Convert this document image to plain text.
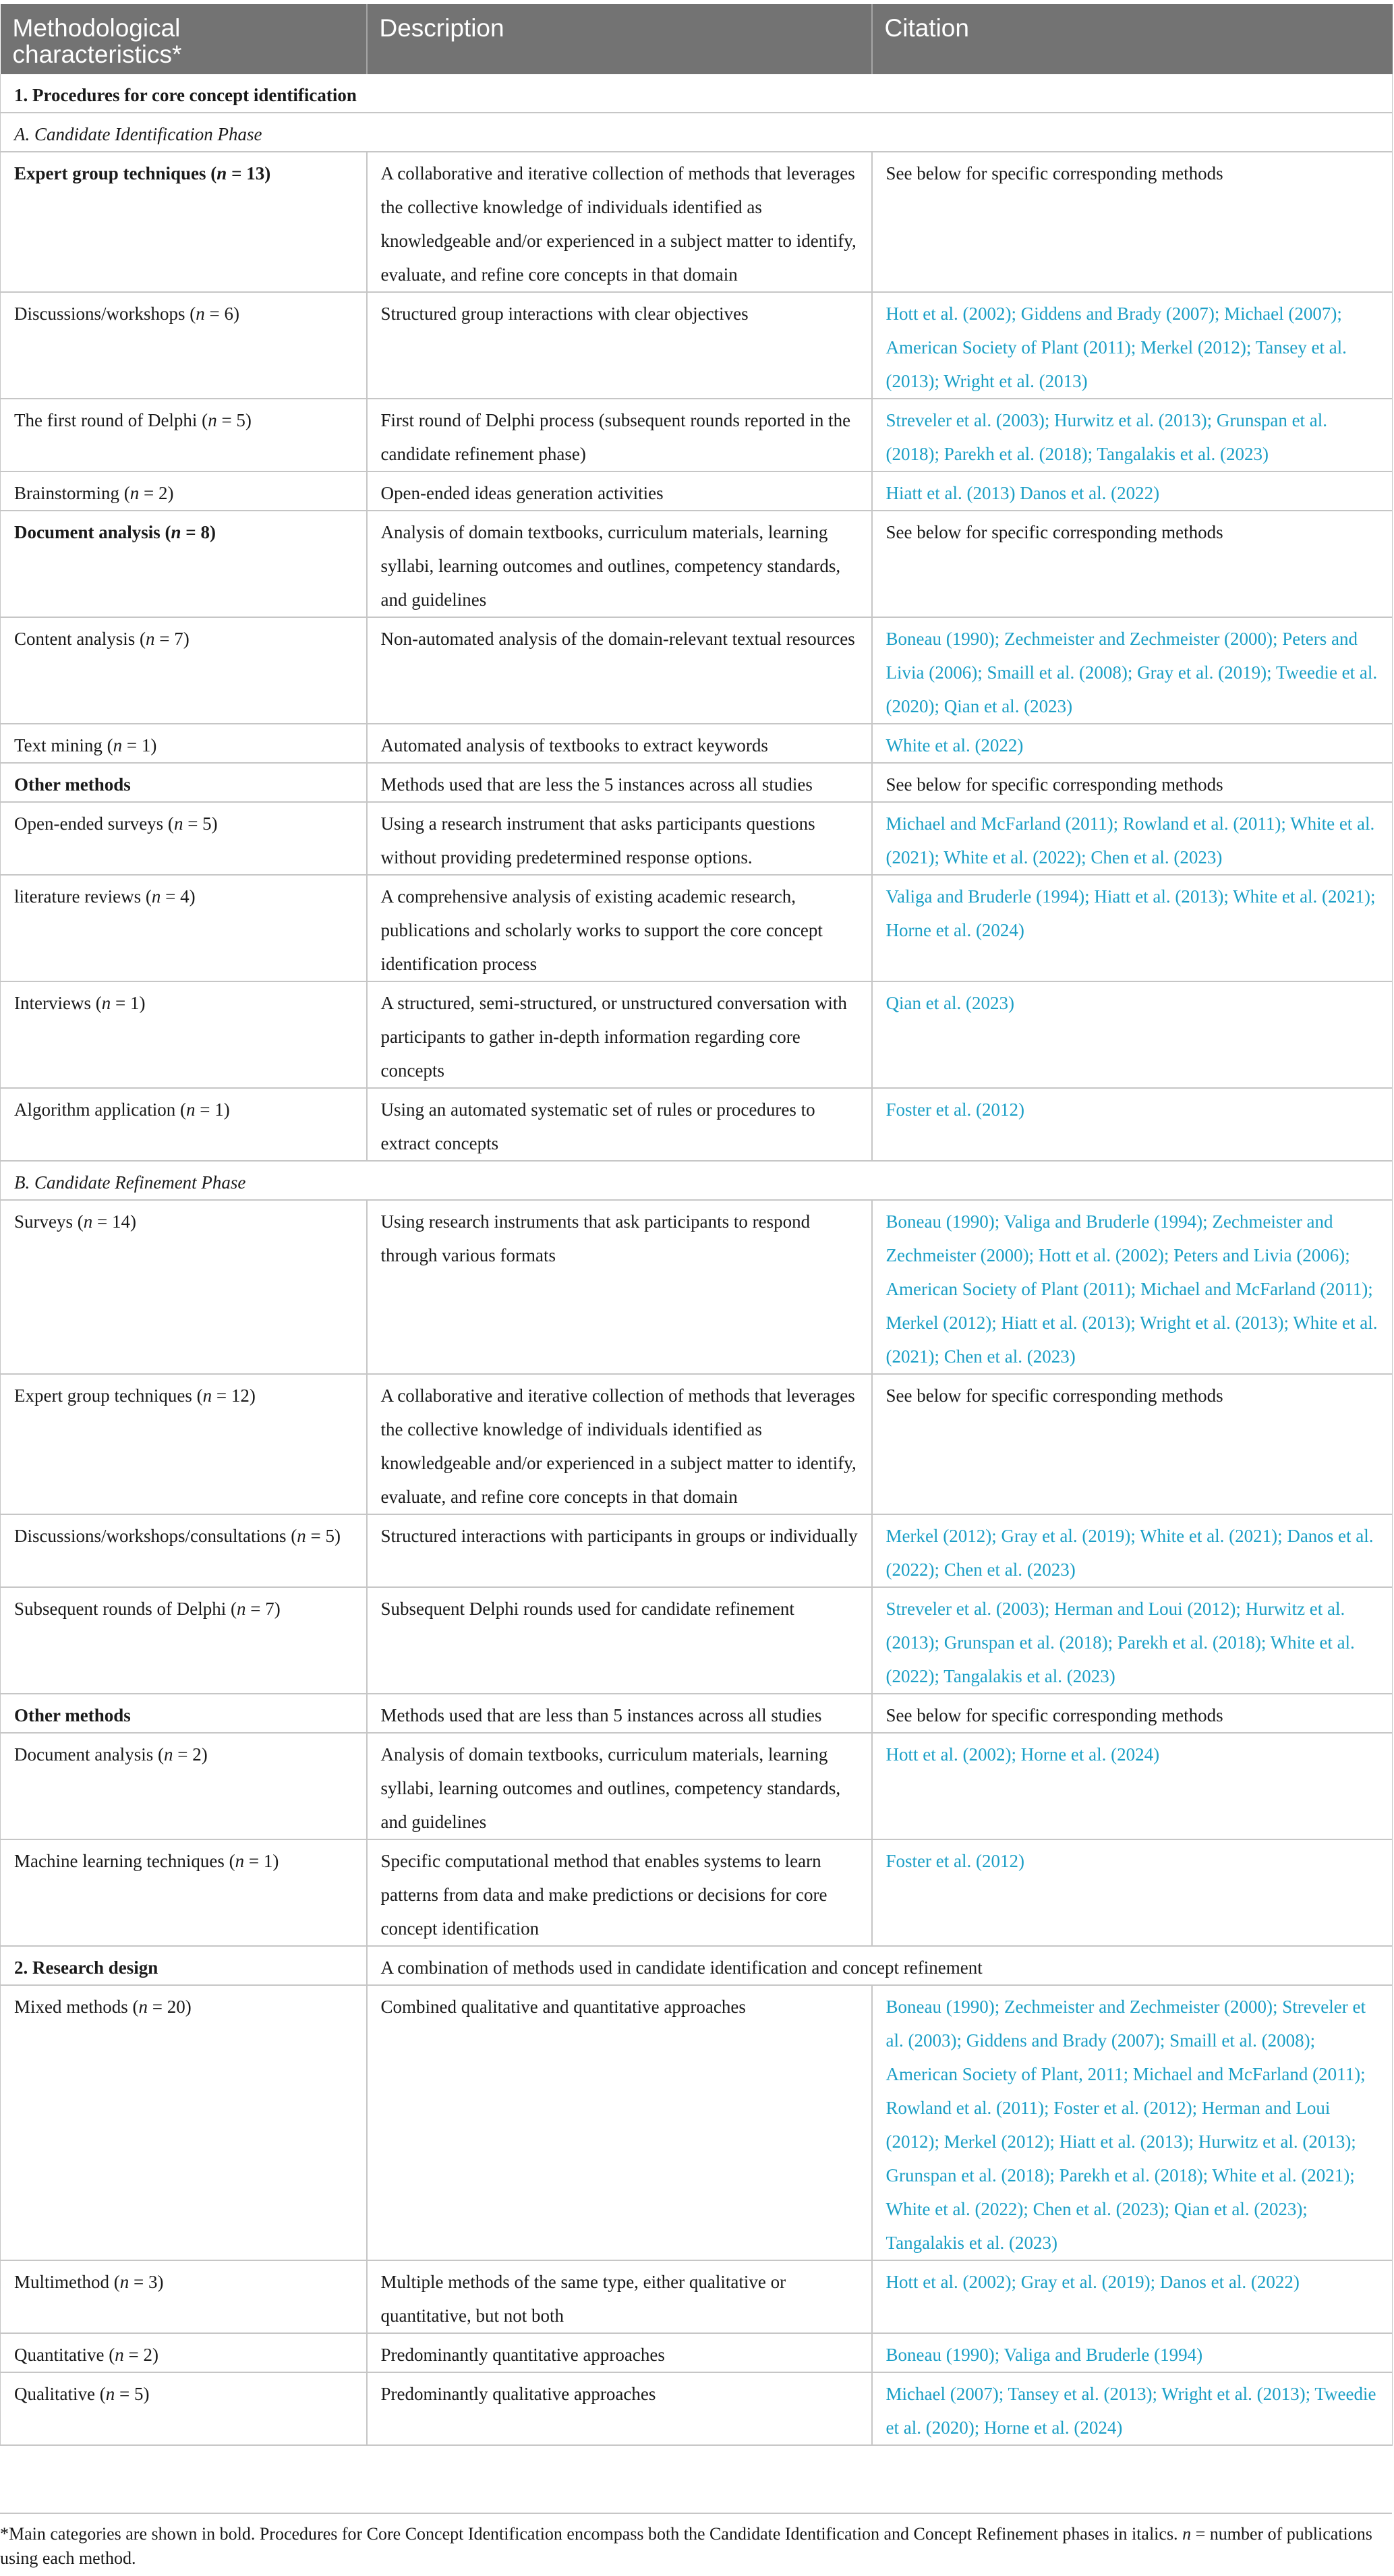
Methodological characteristics*	Description	Citation
1. Procedures for core concept identification		
A. Candidate Identification Phase		
Expert group techniques (n = 13)	A collaborative and iterative collection of methods that leverages the collective knowledge of individuals identified as knowledgeable and/or experienced in a subject matter to identify, evaluate, and refine core concepts in that domain	See below for specific corresponding methods
Discussions/workshops (n = 6)	Structured group interactions with clear objectives	Hott et al. (2002); Giddens and Brady (2007); Michael (2007); American Society of Plant (2011); Merkel (2012); Tansey et al. (2013); Wright et al. (2013)
The first round of Delphi (n = 5)	First round of Delphi process (subsequent rounds reported in the candidate refinement phase)	Streveler et al. (2003); Hurwitz et al. (2013); Grunspan et al. (2018); Parekh et al. (2018); Tangalakis et al. (2023)
Brainstorming (n = 2)	Open-ended ideas generation activities	Hiatt et al. (2013) Danos et al. (2022)
Document analysis (n = 8)	Analysis of domain textbooks, curriculum materials, learning syllabi, learning outcomes and outlines, competency standards, and guidelines	See below for specific corresponding methods
Content analysis (n = 7)	Non-automated analysis of the domain-relevant textual resources	Boneau (1990); Zechmeister and Zechmeister (2000); Peters and Livia (2006); Smaill et al. (2008); Gray et al. (2019); Tweedie et al. (2020); Qian et al. (2023)
Text mining (n = 1)	Automated analysis of textbooks to extract keywords	White et al. (2022)
Other methods	Methods used that are less the 5 instances across all studies	See below for specific corresponding methods
Open-ended surveys (n = 5)	Using a research instrument that asks participants questions without providing predetermined response options.	Michael and McFarland (2011); Rowland et al. (2011); White et al. (2021); White et al. (2022); Chen et al. (2023)
literature reviews (n = 4)	A comprehensive analysis of existing academic research, publications and scholarly works to support the core concept identification process	Valiga and Bruderle (1994); Hiatt et al. (2013); White et al. (2021); Horne et al. (2024)
Interviews (n = 1)	A structured, semi-structured, or unstructured conversation with participants to gather in-depth information regarding core concepts	Qian et al. (2023)
Algorithm application (n = 1)	Using an automated systematic set of rules or procedures to extract concepts	Foster et al. (2012)
B. Candidate Refinement Phase		
Surveys (n = 14)	Using research instruments that ask participants to respond through various formats	Boneau (1990); Valiga and Bruderle (1994); Zechmeister and Zechmeister (2000); Hott et al. (2002); Peters and Livia (2006); American Society of Plant (2011); Michael and McFarland (2011); Merkel (2012); Hiatt et al. (2013); Wright et al. (2013); White et al. (2021); Chen et al. (2023)
Expert group techniques (n = 12)	A collaborative and iterative collection of methods that leverages the collective knowledge of individuals identified as knowledgeable and/or experienced in a subject matter to identify, evaluate, and refine core concepts in that domain	See below for specific corresponding methods
Discussions/workshops/consultations (n = 5)	Structured interactions with participants in groups or individually	Merkel (2012); Gray et al. (2019); White et al. (2021); Danos et al. (2022); Chen et al. (2023)
Subsequent rounds of Delphi (n = 7)	Subsequent Delphi rounds used for candidate refinement	Streveler et al. (2003); Herman and Loui (2012); Hurwitz et al. (2013); Grunspan et al. (2018); Parekh et al. (2018); White et al. (2022); Tangalakis et al. (2023)
Other methods	Methods used that are less than 5 instances across all studies	See below for specific corresponding methods
Document analysis (n = 2)	Analysis of domain textbooks, curriculum materials, learning syllabi, learning outcomes and outlines, competency standards, and guidelines	Hott et al. (2002); Horne et al. (2024)
Machine learning techniques (n = 1)	Specific computational method that enables systems to learn patterns from data and make predictions or decisions for core concept identification	Foster et al. (2012)
2. Research design	A combination of methods used in candidate identification and concept refinement	
Mixed methods (n = 20)	Combined qualitative and quantitative approaches	Boneau (1990); Zechmeister and Zechmeister (2000); Streveler et al. (2003); Giddens and Brady (2007); Smaill et al. (2008); American Society of Plant, 2011; Michael and McFarland (2011); Rowland et al. (2011); Foster et al. (2012); Herman and Loui (2012); Merkel (2012); Hiatt et al. (2013); Hurwitz et al. (2013); Grunspan et al. (2018); Parekh et al. (2018); White et al. (2021); White et al. (2022); Chen et al. (2023); Qian et al. (2023); Tangalakis et al. (2023)
Multimethod (n = 3)	Multiple methods of the same type, either qualitative or quantitative, but not both	Hott et al. (2002); Gray et al. (2019); Danos et al. (2022)
Quantitative (n = 2)	Predominantly quantitative approaches	Boneau (1990); Valiga and Bruderle (1994)
Qualitative (n = 5)	Predominantly qualitative approaches	Michael (2007); Tansey et al. (2013); Wright et al. (2013); Tweedie et al. (2020); Horne et al. (2024)
*Main categories are shown in bold. Procedures for Core Concept Identification encompass both the Candidate Identification and Concept Refinement phases in italics. n = number of publications using each method.
